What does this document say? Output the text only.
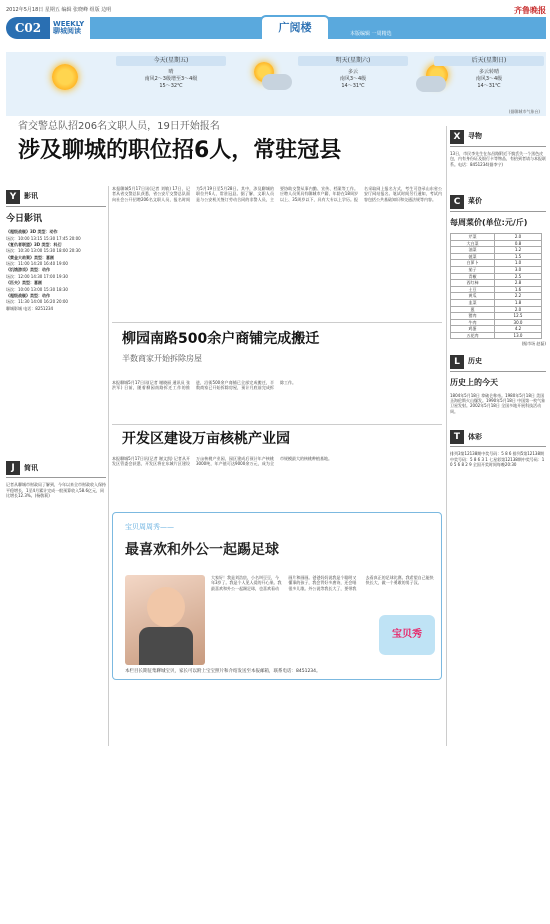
2012年5月18日 星期五 编辑 张晓峰 组版 边明	齐鲁晚报
C02	WEEKLY
聊城阅读	广阅楼	本版编辑 一周精选
今天(星期五)
晴
南风2～3级增至3～4级
15～32℃
明天(星期六)
多云
南风3～4级
14～31℃
后天(星期日)
多云转晴
南风3～4级
14～31℃
(据聊城市气象台)
省交警总队招206名文职人员，19日开始报名
涉及聊城的职位招6人，常驻冠县
Y	影讯
今日影讯

《超级战舰》3D 类型：动作

场次：10:00 13:15 15:30 17:45 20:00

《复仇者联盟》3D 类型：科幻

场次：10:30 13:00 15:30 18:00 20:30

《黄金大劫案》类型：喜剧

场次：11:00 14:20 16:40 19:00

《饥饿游戏》类型：动作

场次：12:00 14:30 17:00 19:30

《匹夫》类型：喜剧

场次：10:00 13:00 15:30 18:30

《超级战舰》类型：动作

场次：11:30 14:00 16:20 20:00

聊城影城 电话：8251234

J	简讯

记者从聊城市财政局了解到，今年以来全市财政收入保持平稳增长，1至4月累计完成一般预算收入58.6亿元，同比增长12.3%。(杨敬莉)

本报聊城5月17日讯(记者 刘敏) 17日，记者从省交警总队获悉，省公安厅交警总队面向社会公开招聘206名文职人员，报名时间为5月19日至5月28日。其中，涉及聊城的职位共6人，常驻冠县。据了解，文职人员是与公安机关签订劳动合同的非警人员，主要协助交警从事内勤、宣传、档案等工作。应聘人员须具有聊城市户籍，年龄在18周岁以上、35周岁以下，具有大专以上学历。报名采取网上报名方式，考生可登录山东省公安厅网站报名。笔试时间另行通知，考试内容包括公共基础知识和交通法规等内容。
柳园南路500余户商铺完成搬迁
半数商家开始拆除房屋
本报聊城5月17日讯(记者 谢晓丽 通讯员 张洪军) 日前，随着柳园南路拆迁工作的推进，沿街500余户商铺已全部完成搬迁，半数商家已开始拆除房屋，预计月底前完成拆除工作。
开发区建设万亩核桃产业园
本报聊城5月17日讯(记者 谢文凯) 记者从开发区管委会获悉，开发区将在东城片区建设万亩核桃产业园，园区建成后预计年产核桃3000吨，年产值可达9000余万元，成为全市规模最大的核桃种植基地。
宝贝周周秀——
最喜欢和外公一起踢足球
大家好！我是刘浩宸，小名叫豆豆，今年3岁了。我是个人见人爱的开心果。我最喜欢和外公一起踢足球，也喜欢看动画片和画画。爸爸妈妈说我是个聪明又懂事的孩子，我会背好多唐诗，还会唱很多儿歌。外公说等我长大了，要带我去看真正的足球比赛。我希望自己能快快长大，做一个勇敢的男子汉。
宝贝秀
本栏目长期征集聊城宝贝，家长可以附上宝宝照片和介绍发送至本报邮箱，联系电话：8451234。
X	寻物

13日，市民李先生在东昌路附近不慎丢失一个黑色皮包，内有身份证及银行卡等物品，有拾到者请与本报联系。电话：8451234(据李宁)

C	菜价
每周菜价(单位:元/斤)
芹菜	2.0
大白菜	0.8
油菜	1.2
菠菜	1.5
白萝卜	1.0
茄子	3.0
青椒	2.5
西红柿	2.8
土豆	1.6
黄瓜	2.2
韭菜	1.8
葱	2.0
猪肉	12.5
牛肉	30.0
鸡蛋	4.2
五花肉	13.0

(据市场 赵磊)

L	历史
历史上的今天

1804年5月18日 拿破仑称帝。1980年5月18日 美国圣海伦斯火山爆发。1990年5月18日 中国第一枚气象卫星发射。2002年5月18日 全国多地开展科技活动周。

T	体彩

排列3第12138期中奖号码：5 8 6 排列5第12138期中奖号码：5 8 6 3 1 七星彩第12138期中奖号码：1 0 5 6 8 2 9 全国开奖时间每晚20:30
